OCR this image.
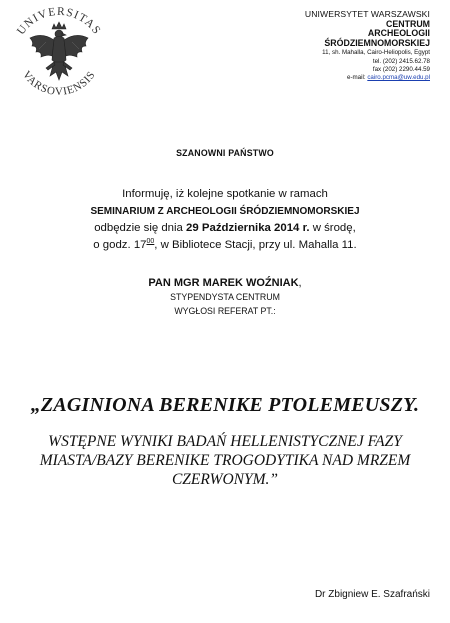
UNIVERSITAS
VARSOVIENSIS
UNIWERSYTET WARSZAWSKI
CENTRUM
ARCHEOLOGII
ŚRÓDZIEMNOMORSKIEJ
11, sh. Mahalla, Cairo-Heliopolis, Egypt
tel. (202) 2415.62.78
fax (202) 2290.44.59
e-mail: cairo.pcma@uw.edu.pl
SZANOWNI PAŃSTWO
Informuję, iż kolejne spotkanie w ramach
SEMINARIUM Z ARCHEOLOGII ŚRÓDZIEMNOMORSKIEJ
odbędzie się dnia 29 Października 2014 r. w środę,
o godz. $17^{00}$, w Bibliotece Stacji, przy ul. Mahalla 11.
PAN MGR MAREK WOŹNIAK,
STYPENDYSTA CENTRUM
WYGŁOSI REFERAT PT.:
„ZAGINIONA BERENIKE PTOLEMEUSZY.
WSTĘPNE WYNIKI BADAŃ HELLENISTYCZNEJ FAZY
MIASTA/BAZY BERENIKE TROGODYTIKA NAD MRZEM
CZERWONYM.”
Dr Zbigniew E. Szafrański
